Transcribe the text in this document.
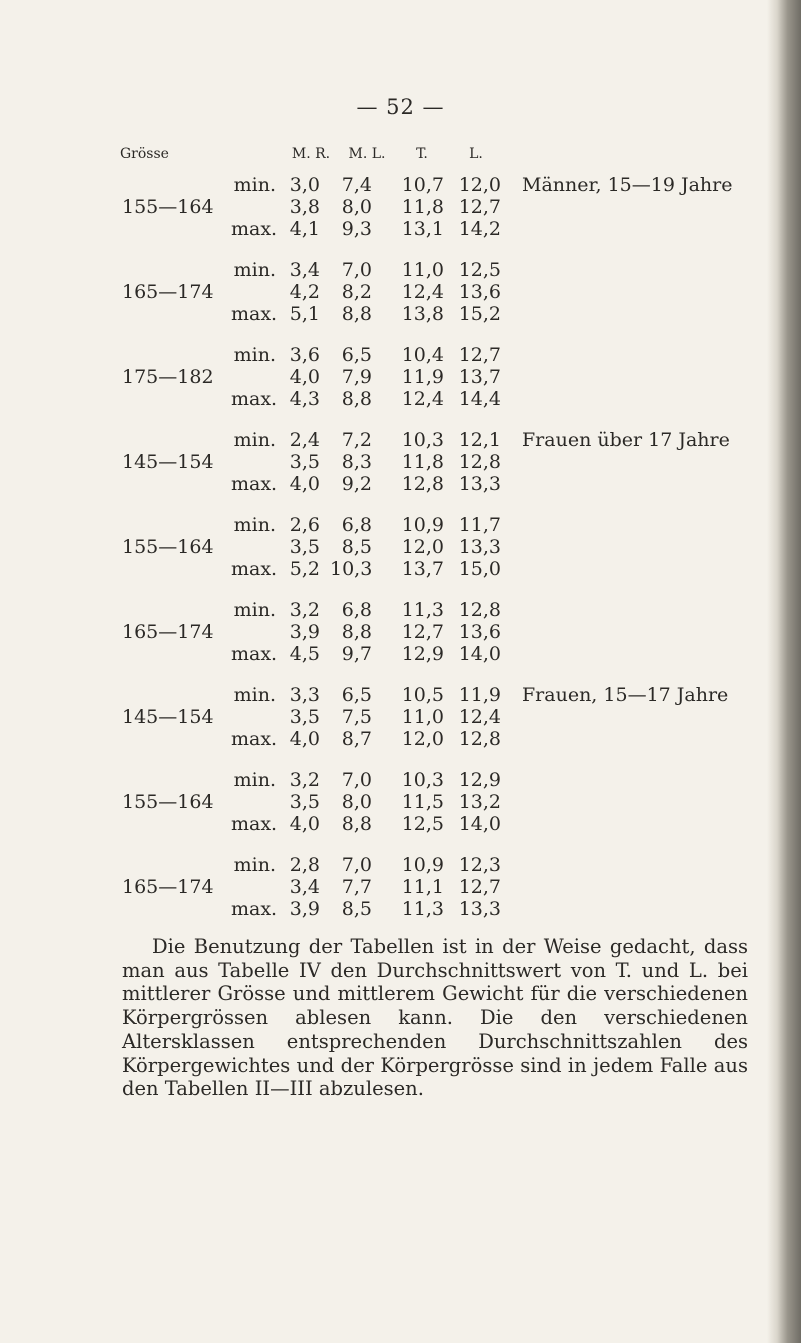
— 52 —
Grösse	M. R.	M. L.	T.	L.
Männer, 15—19 Jahre
min. 3,0	7,4 10,7 12,0
155—164	3,8	8,0 11,8 12,7
max. 4,1	9,3 13,1 14,2
min. 3,4	7,0 11,0 12,5
165—174	4,2	8,2 12,4 13,6
max. 5,1	8,8 13,8 15,2
min. 3,6	6,5 10,4 12,7
175—182	4,0	7,9 11,9 13,7
max. 4,3	8,8 12,4 14,4
Frauen über 17 Jahre
min. 2,4	7,2 10,3 12,1
145—154	3,5	8,3 11,8 12,8
max. 4,0	9,2 12,8 13,3
min. 2,6	6,8 10,9 11,7
155—164	3,5	8,5 12,0 13,3
max. 5,2 10,3 13,7 15,0
min. 3,2	6,8 11,3 12,8
165—174	3,9	8,8 12,7 13,6
max. 4,5	9,7 12,9 14,0
Frauen, 15—17 Jahre
min. 3,3	6,5 10,5 11,9
145—154	3,5	7,5 11,0 12,4
max. 4,0	8,7 12,0 12,8
min. 3,2	7,0 10,3 12,9
155—164	3,5	8,0 11,5 13,2
max. 4,0	8,8 12,5 14,0
min. 2,8	7,0 10,9 12,3
165—174	3,4	7,7 11,1 12,7
max. 3,9	8,5 11,3 13,3

Die Benutzung der Tabellen ist in der Weise gedacht, dass man aus Tabelle IV den Durchschnittswert von T. und L. bei mittlerer Grösse und mittlerem Gewicht für die verschiedenen Körpergrössen ablesen kann. Die den verschiedenen Altersklassen entsprechenden Durchschnittszahlen des Körpergewichtes und der Körpergrösse sind in jedem Falle aus den Tabellen II—III abzulesen.
